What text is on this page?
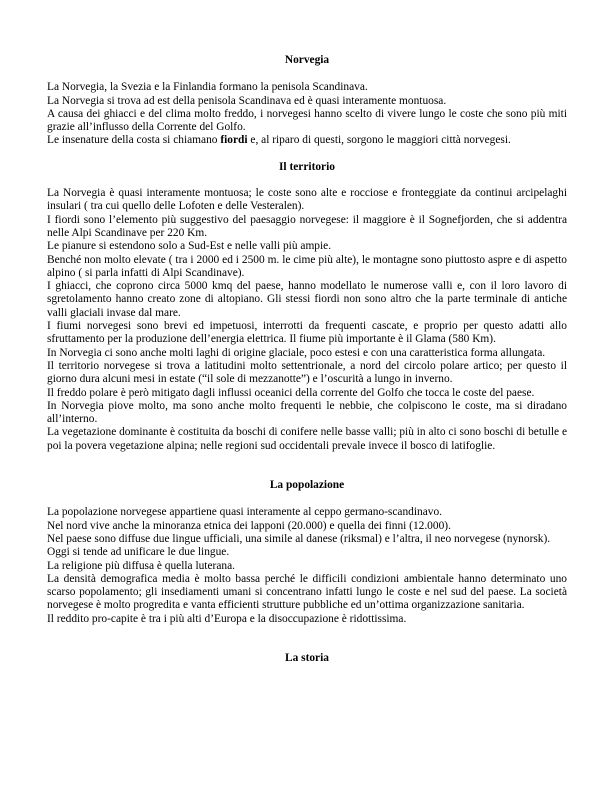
Norvegia

La Norvegia, la Svezia e la Finlandia formano la penisola Scandinava.

La Norvegia si trova ad est della penisola Scandinava ed è quasi interamente montuosa.

A causa dei ghiacci e del clima molto freddo, i norvegesi hanno scelto di vivere lungo le coste che sono più miti grazie all’influsso della Corrente del Golfo.

Le insenature della costa si chiamano fiordi e, al riparo di questi, sorgono le maggiori città norvegesi.

Il territorio

La Norvegia è quasi interamente montuosa; le coste sono alte e rocciose e fronteggiate da continui arcipelaghi insulari ( tra cui quello delle Lofoten e delle Vesteralen).

I fiordi sono l’elemento più suggestivo del paesaggio norvegese: il maggiore è il Sognefjorden, che si addentra nelle Alpi Scandinave per 220 Km.

Le pianure si estendono solo a Sud-Est e nelle valli più ampie.

Benché non molto elevate ( tra i 2000 ed i 2500 m. le cime più alte), le montagne sono piuttosto aspre e di aspetto alpino ( si parla infatti di Alpi Scandinave).

I ghiacci, che coprono circa 5000 kmq del paese, hanno modellato le numerose valli e, con il loro lavoro di sgretolamento hanno creato zone di altopiano. Gli stessi fiordi non sono altro che la parte terminale di antiche valli glaciali invase dal mare.

I fiumi norvegesi sono brevi ed impetuosi, interrotti da frequenti cascate, e proprio per questo adatti allo sfruttamento per la produzione dell’energia elettrica. Il fiume più importante è il Glama (580 Km).

In Norvegia ci sono anche molti laghi di origine glaciale, poco estesi e con una caratteristica forma allungata.

Il territorio norvegese si trova a latitudini molto settentrionale, a nord del circolo polare artico; per questo il giorno dura alcuni mesi in estate (“il sole di mezzanotte”) e l’oscurità a lungo in inverno.

Il freddo polare è però mitigato dagli influssi oceanici della corrente del Golfo che tocca le coste del paese.

In Norvegia piove molto, ma sono anche molto frequenti le nebbie, che colpiscono le coste, ma si diradano all’interno.

La vegetazione dominante è costituita da boschi di conifere nelle basse valli; più in alto ci sono boschi di betulle e poi la povera vegetazione alpina; nelle regioni sud occidentali prevale invece il bosco di latifoglie.

La popolazione

La popolazione norvegese appartiene quasi interamente al ceppo germano-scandinavo.

Nel nord vive anche la minoranza etnica dei lapponi (20.000) e quella dei finni (12.000).

Nel paese sono diffuse due lingue ufficiali, una simile al danese (riksmal) e l’altra, il neo norvegese (nynorsk).

Oggi si tende ad unificare le due lingue.

La religione più diffusa è quella luterana.

La densità demografica media è molto bassa perché le difficili condizioni ambientale hanno determinato uno scarso popolamento; gli insediamenti umani si concentrano infatti lungo le coste e nel sud del paese. La società norvegese è molto progredita e vanta efficienti strutture pubbliche ed un’ottima organizzazione sanitaria.

Il reddito pro-capite è tra i più alti d’Europa e la disoccupazione è ridottissima.

La storia
